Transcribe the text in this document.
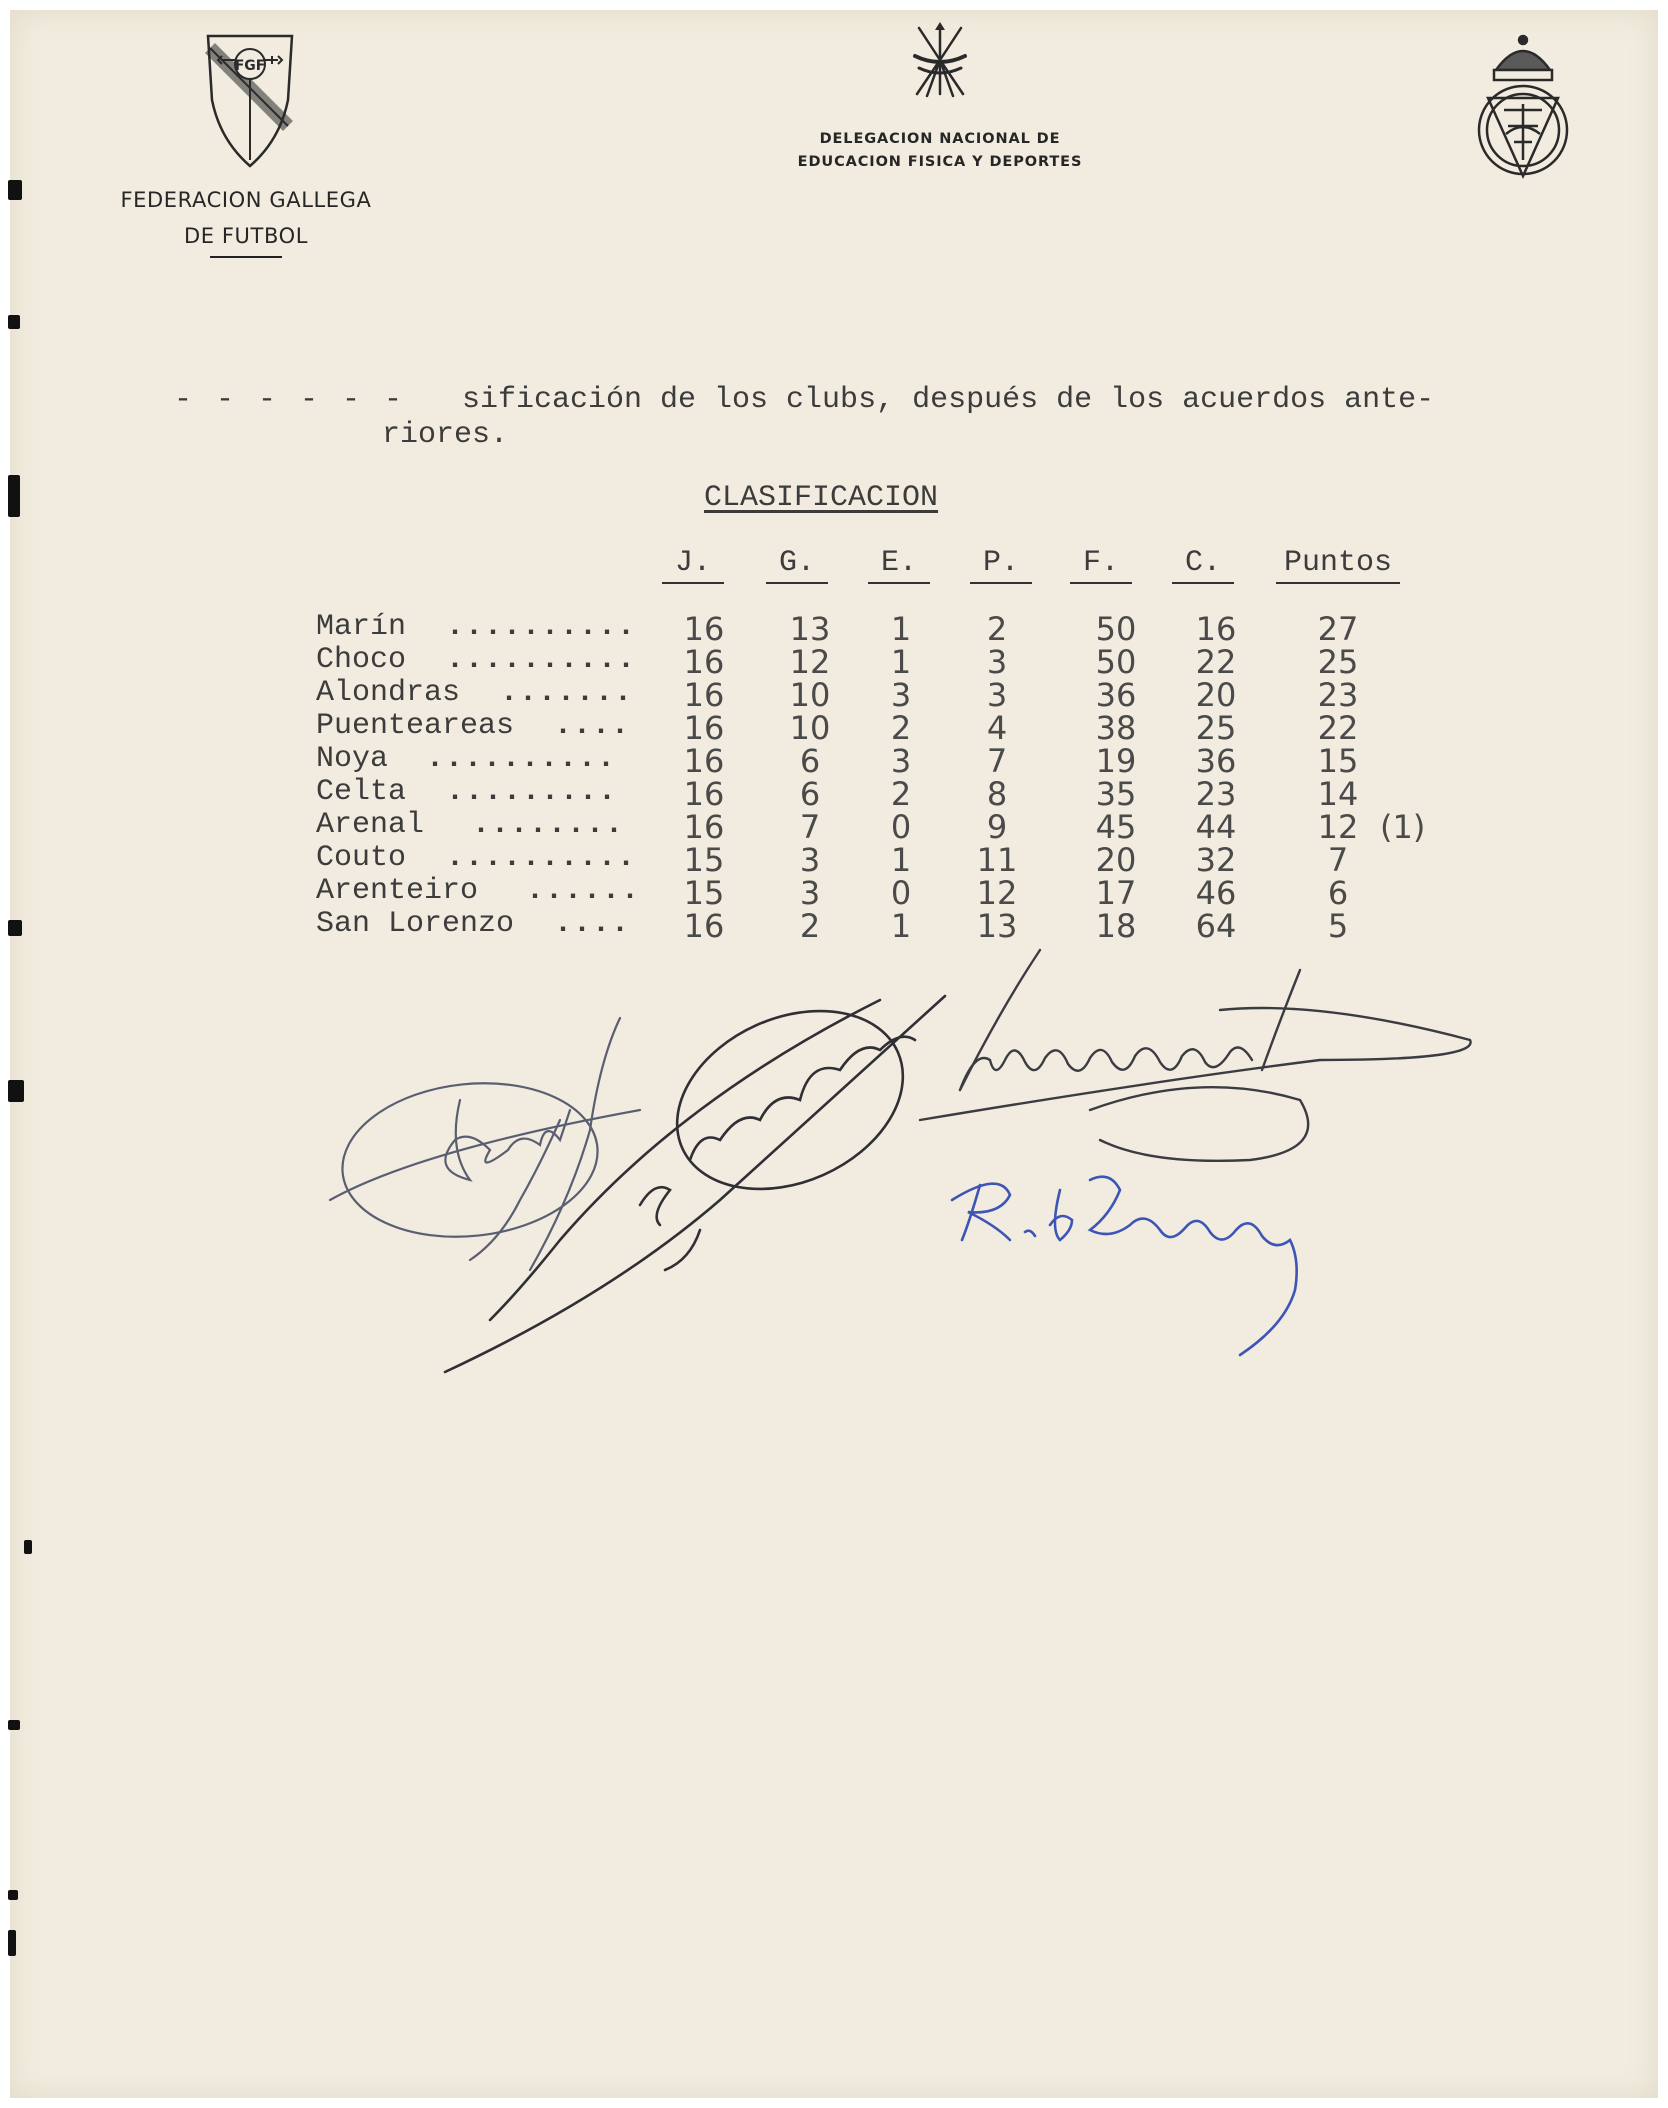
FGF
FEDERACION GALLEGA
DE FUTBOL
DELEGACION NACIONAL DE
EDUCACION FISICA Y DEPORTES
- - - - - - sificación de los clubs, después de los acuerdos ante-
riores.
CLASIFICACION
J.	G.	E.	P.	F.	C.	Puntos
Marín ..........	16	13	1	2	50	16	27
Choco ..........	16	12	1	3	50	22	25
Alondras .......	16	10	3	3	36	20	23
Puenteareas ....	16	10	2	4	38	25	22
Noya ..........	16	6	3	7	19	36	15
Celta .........	16	6	2	8	35	23	14
Arenal ........	16	7	0	9	45	44	12 (1)
Couto ..........	15	3	1	11	20	32	7
Arenteiro ......	15	3	0	12	17	46	6
San Lorenzo ....	16	2	1	13	18	64	5
